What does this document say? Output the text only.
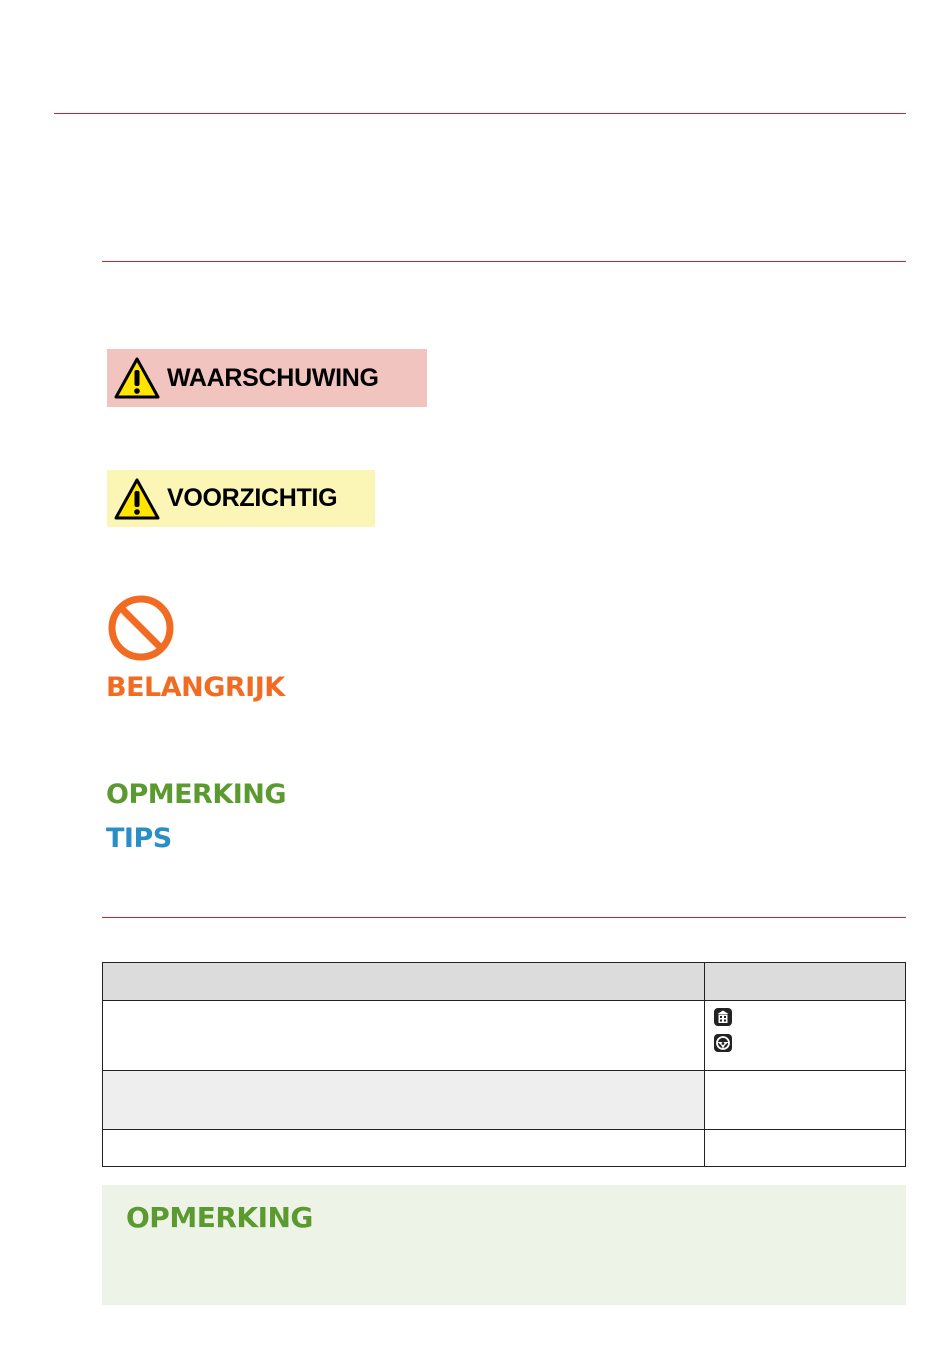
WAARSCHUWING
VOORZICHTIG
BELANGRIJK
OPMERKING
TIPS

OPMERKING
